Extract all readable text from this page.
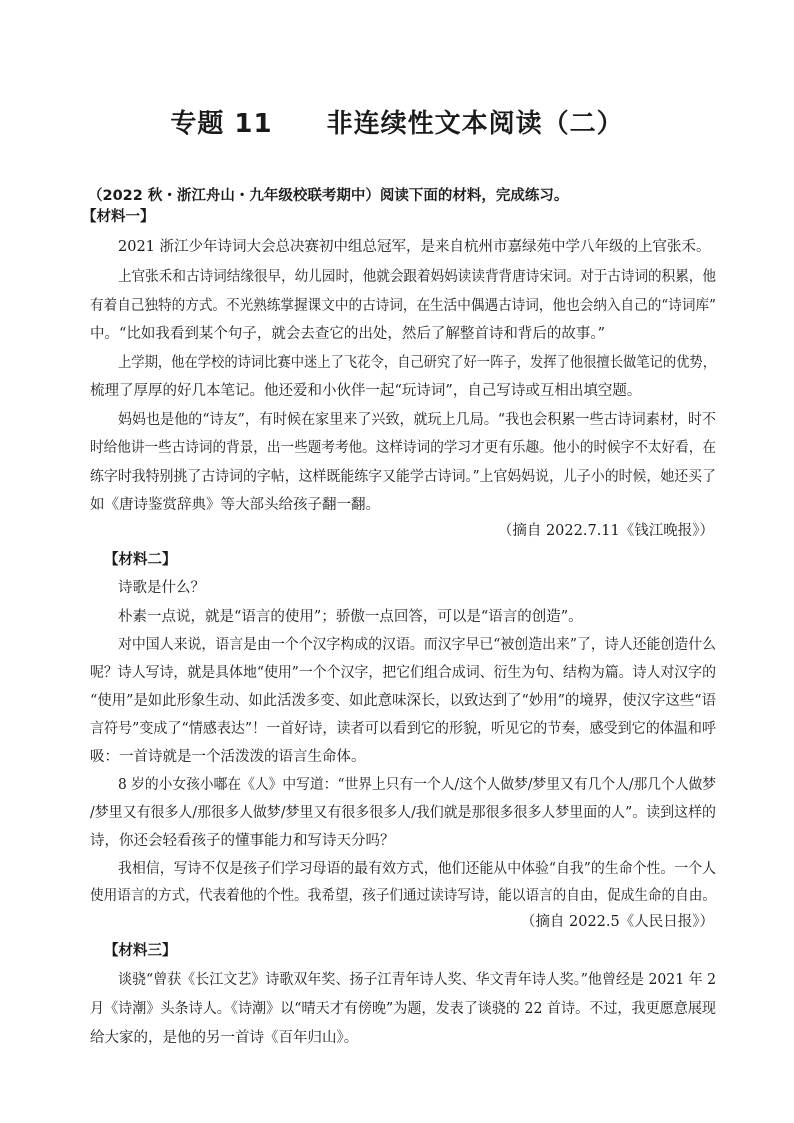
专题 11　　非连续性文本阅读（二）
（2022 秋・浙江舟山・九年级校联考期中）阅读下面的材料，完成练习。
【材料一】
2021 浙江少年诗词大会总决赛初中组总冠军，是来自杭州市嘉绿苑中学八年级的上官张禾。
上官张禾和古诗词结缘很早，幼儿园时，他就会跟着妈妈读读背背唐诗宋词。对于古诗词的积累，他
有着自己独特的方式。不光熟练掌握课文中的古诗词，在生活中偶遇古诗词，他也会纳入自己的“诗词库”
中。“比如我看到某个句子，就会去查它的出处，然后了解整首诗和背后的故事。”
上学期，他在学校的诗词比赛中迷上了飞花令，自己研究了好一阵子，发挥了他很擅长做笔记的优势，
梳理了厚厚的好几本笔记。他还爱和小伙伴一起“玩诗词”，自己写诗或互相出填空题。
妈妈也是他的“诗友”，有时候在家里来了兴致，就玩上几局。“我也会积累一些古诗词素材，时不
时给他讲一些古诗词的背景，出一些题考考他。这样诗词的学习才更有乐趣。他小的时候字不太好看，在
练字时我特别挑了古诗词的字帖，这样既能练字又能学古诗词。”上官妈妈说，儿子小的时候，她还买了
如《唐诗鉴赏辞典》等大部头给孩子翻一翻。
（摘自 2022.7.11《钱江晚报》）
【材料二】
诗歌是什么？
朴素一点说，就是“语言的使用”；骄傲一点回答，可以是“语言的创造”。
对中国人来说，语言是由一个个汉字构成的汉语。而汉字早已“被创造出来”了，诗人还能创造什么
呢？诗人写诗，就是具体地“使用”一个个汉字，把它们组合成词、衍生为句、结构为篇。诗人对汉字的
“使用”是如此形象生动、如此活泼多变、如此意味深长，以致达到了“妙用”的境界，使汉字这些“语
言符号”变成了“情感表达”！一首好诗，读者可以看到它的形貌，听见它的节奏，感受到它的体温和呼
吸：一首诗就是一个活泼泼的语言生命体。
8 岁的小女孩小嘟在《人》中写道：“世界上只有一个人/这个人做梦/梦里又有几个人/那几个人做梦
/梦里又有很多人/那很多人做梦/梦里又有很多很多人/我们就是那很多很多人梦里面的人”。读到这样的
诗，你还会轻看孩子的懂事能力和写诗天分吗？
我相信，写诗不仅是孩子们学习母语的最有效方式，他们还能从中体验“自我”的生命个性。一个人
使用语言的方式，代表着他的个性。我希望，孩子们通过读诗写诗，能以语言的自由，促成生命的自由。
（摘自 2022.5《人民日报》）
【材料三】
谈骁“曾获《长江文艺》诗歌双年奖、扬子江青年诗人奖、华文青年诗人奖。”他曾经是 2021 年 2
月《诗潮》头条诗人。《诗潮》以“晴天才有傍晚”为题，发表了谈骁的 22 首诗。不过，我更愿意展现
给大家的，是他的另一首诗《百年归山》。
